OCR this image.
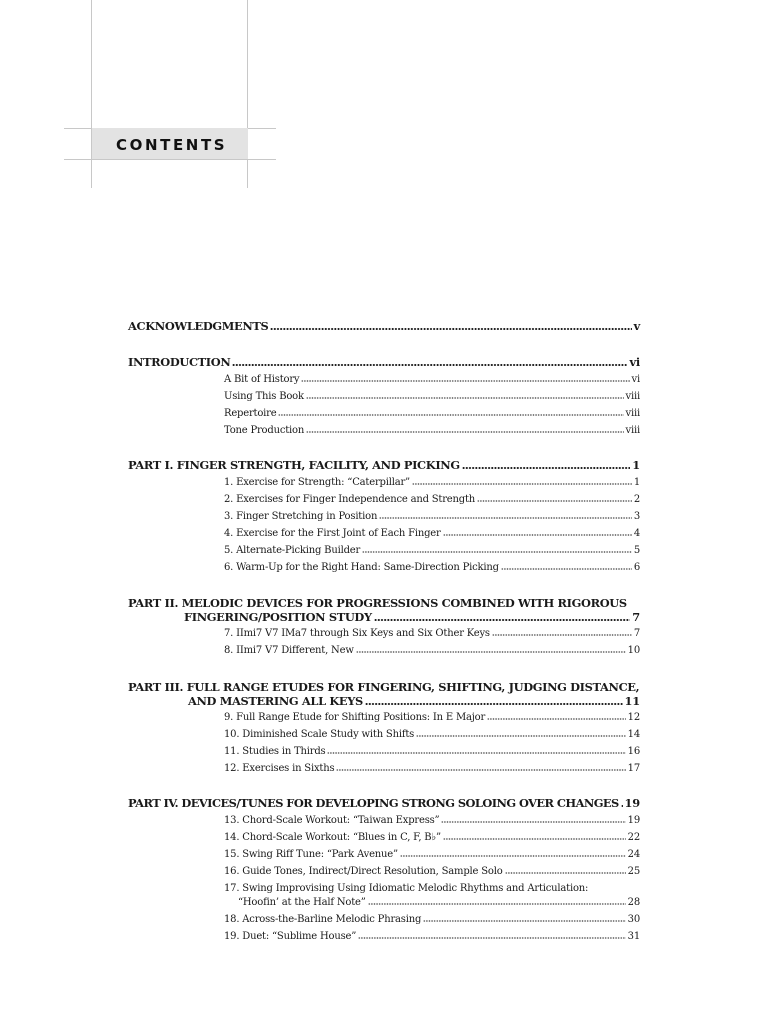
CONTENTS
ACKNOWLEDGMENTS	v
INTRODUCTION	vi
A Bit of History	vi
Using This Book	viii
Repertoire	viii
Tone Production	viii
PART I. FINGER STRENGTH, FACILITY, AND PICKING	1
1. Exercise for Strength: “Caterpillar”	1
2. Exercises for Finger Independence and Strength	2
3. Finger Stretching in Position	3
4. Exercise for the First Joint of Each Finger	4
5. Alternate-Picking Builder	5
6. Warm-Up for the Right Hand: Same-Direction Picking	6
PART II. MELODIC DEVICES FOR PROGRESSIONS COMBINED WITH RIGOROUS
FINGERING/POSITION STUDY	7
7. IImi7 V7 IMa7 through Six Keys and Six Other Keys	7
8. IImi7 V7 Different, New	10
PART III. FULL RANGE ETUDES FOR FINGERING, SHIFTING, JUDGING DISTANCE,
AND MASTERING ALL KEYS	11
9. Full Range Etude for Shifting Positions: In E Major	12
10. Diminished Scale Study with Shifts	14
11. Studies in Thirds	16
12. Exercises in Sixths	17
PART IV. DEVICES/TUNES FOR DEVELOPING STRONG SOLOING OVER CHANGES 19
13. Chord-Scale Workout: “Taiwan Express”	19
14. Chord-Scale Workout: “Blues in C, F, B♭”	22
15. Swing Riff Tune: “Park Avenue”	24
16. Guide Tones, Indirect/Direct Resolution, Sample Solo	25
17. Swing Improvising Using Idiomatic Melodic Rhythms and Articulation:
“Hoofin’ at the Half Note”	28
18. Across-the-Barline Melodic Phrasing	30
19. Duet: “Sublime House”	31
